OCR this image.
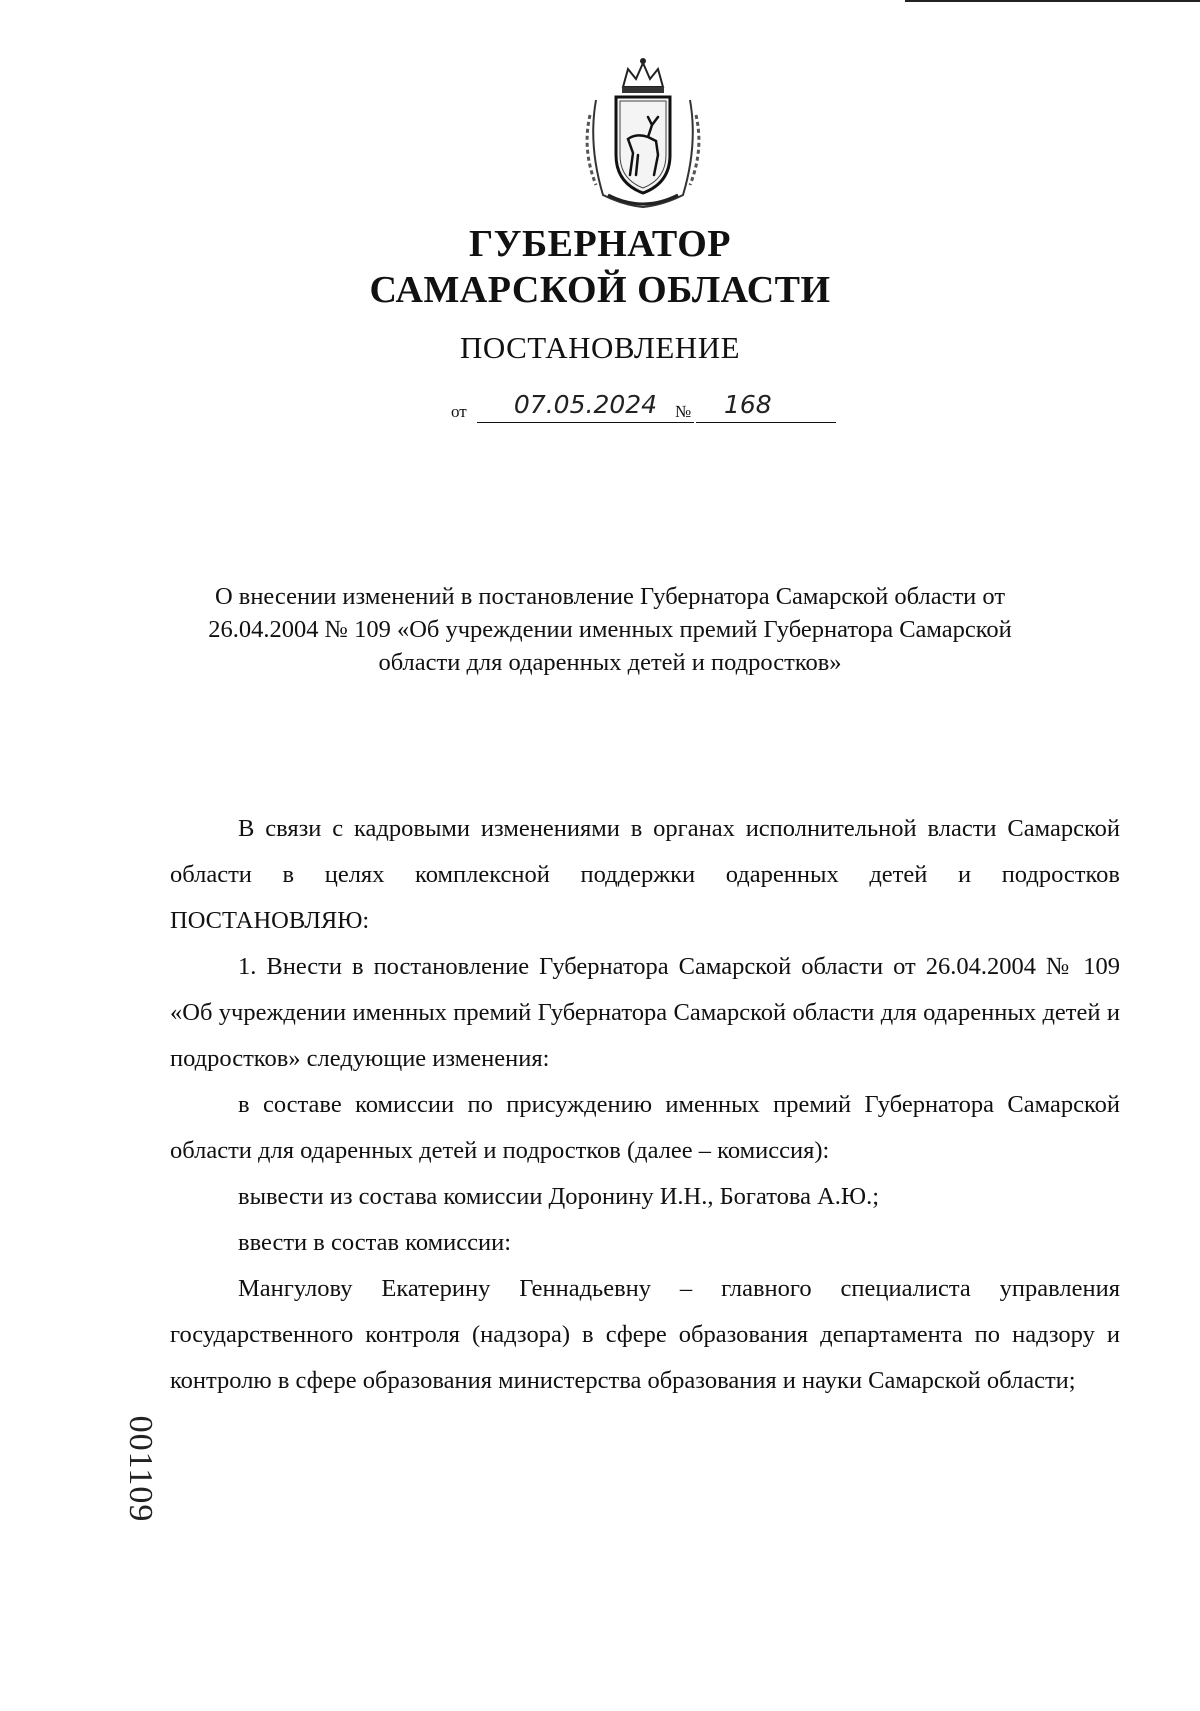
ГУБЕРНАТОР
САМАРСКОЙ ОБЛАСТИ
ПОСТАНОВЛЕНИЕ
от	07.05.2024	№ 168
О внесении изменений в постановление Губернатора Самарской области от 26.04.2004 № 109 «Об учреждении именных премий Губернатора Самарской области для одаренных детей и подростков»

В связи с кадровыми изменениями в органах исполнительной власти Самарской области в целях комплексной поддержки одаренных детей и подростков ПОСТАНОВЛЯЮ:

1. Внести в постановление Губернатора Самарской области от 26.04.2004 № 109 «Об учреждении именных премий Губернатора Самарской области для одаренных детей и подростков» следующие изменения:

в составе комиссии по присуждению именных премий Губернатора Самарской области для одаренных детей и подростков (далее – комиссия):

вывести из состава комиссии Доронину И.Н., Богатова А.Ю.;

ввести в состав комиссии:

Мангулову Екатерину Геннадьевну – главного специалиста управления государственного контроля (надзора) в сфере образования департамента по надзору и контролю в сфере образования министерства образования и науки Самарской области;

001109
